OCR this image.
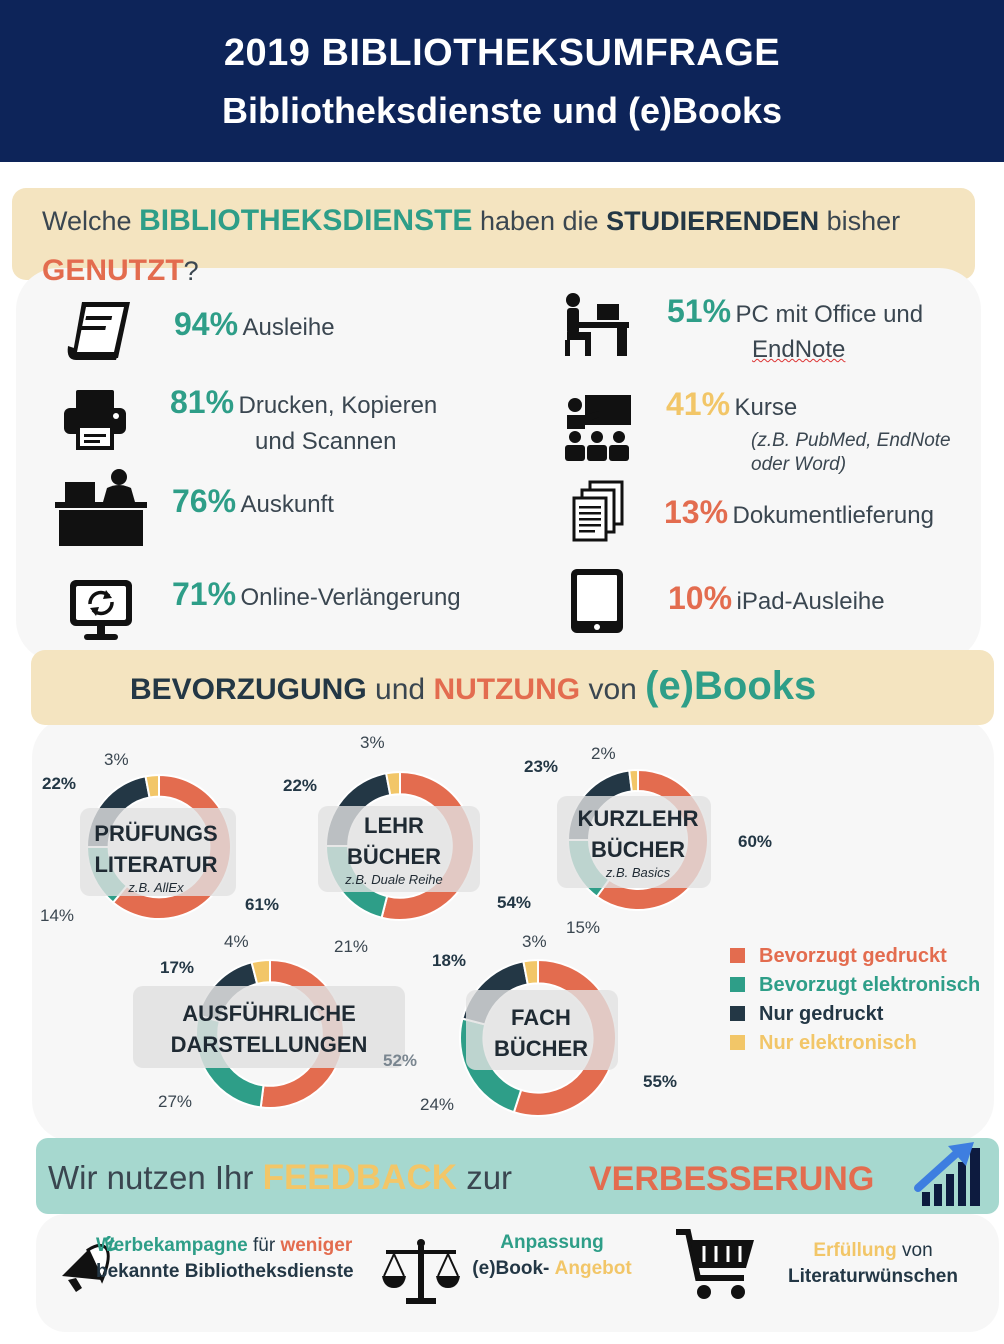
2019 BIBLIOTHEKSUMFRAGE
Bibliotheksdienste und (e)Books
Welche BIBLIOTHEKSDIENSTE haben die STUDIERENDEN bisher
GENUTZT?
94% Ausleihe
81% Drucken, Kopieren
und Scannen
76% Auskunft
71% Online-Verlängerung
51% PC mit Office und
EndNote
41% Kurse
(z.B. PubMed, EndNote
oder Word)
13% Dokumentlieferung
10% iPad-Ausleihe
BEVORZUGUNG und NUTZUNG von (e)Books
PRÜFUNGS
LITERATUR
z.B. AllEx
LEHR
BÜCHER
z.B. Duale Reihe
KURZLEHR
BÜCHER
z.B. Basics
AUSFÜHRLICHE
DARSTELLUNGEN
FACH
BÜCHER
61%
14%
22%
3%
54%
21%
22%
3%
60%
15%
23%
2%
52%
27%
17%
4%
55%
24%
18%
3%
Bevorzugt gedruckt
Bevorzugt elektronisch
Nur gedruckt
Nur elektronisch
Wir nutzen Ihr FEEDBACK zur VERBESSERUNG
Werbekampagne für weniger
bekannte Bibliotheksdienste
Anpassung
(e)Book- Angebot
Erfüllung von
Literaturwünschen
